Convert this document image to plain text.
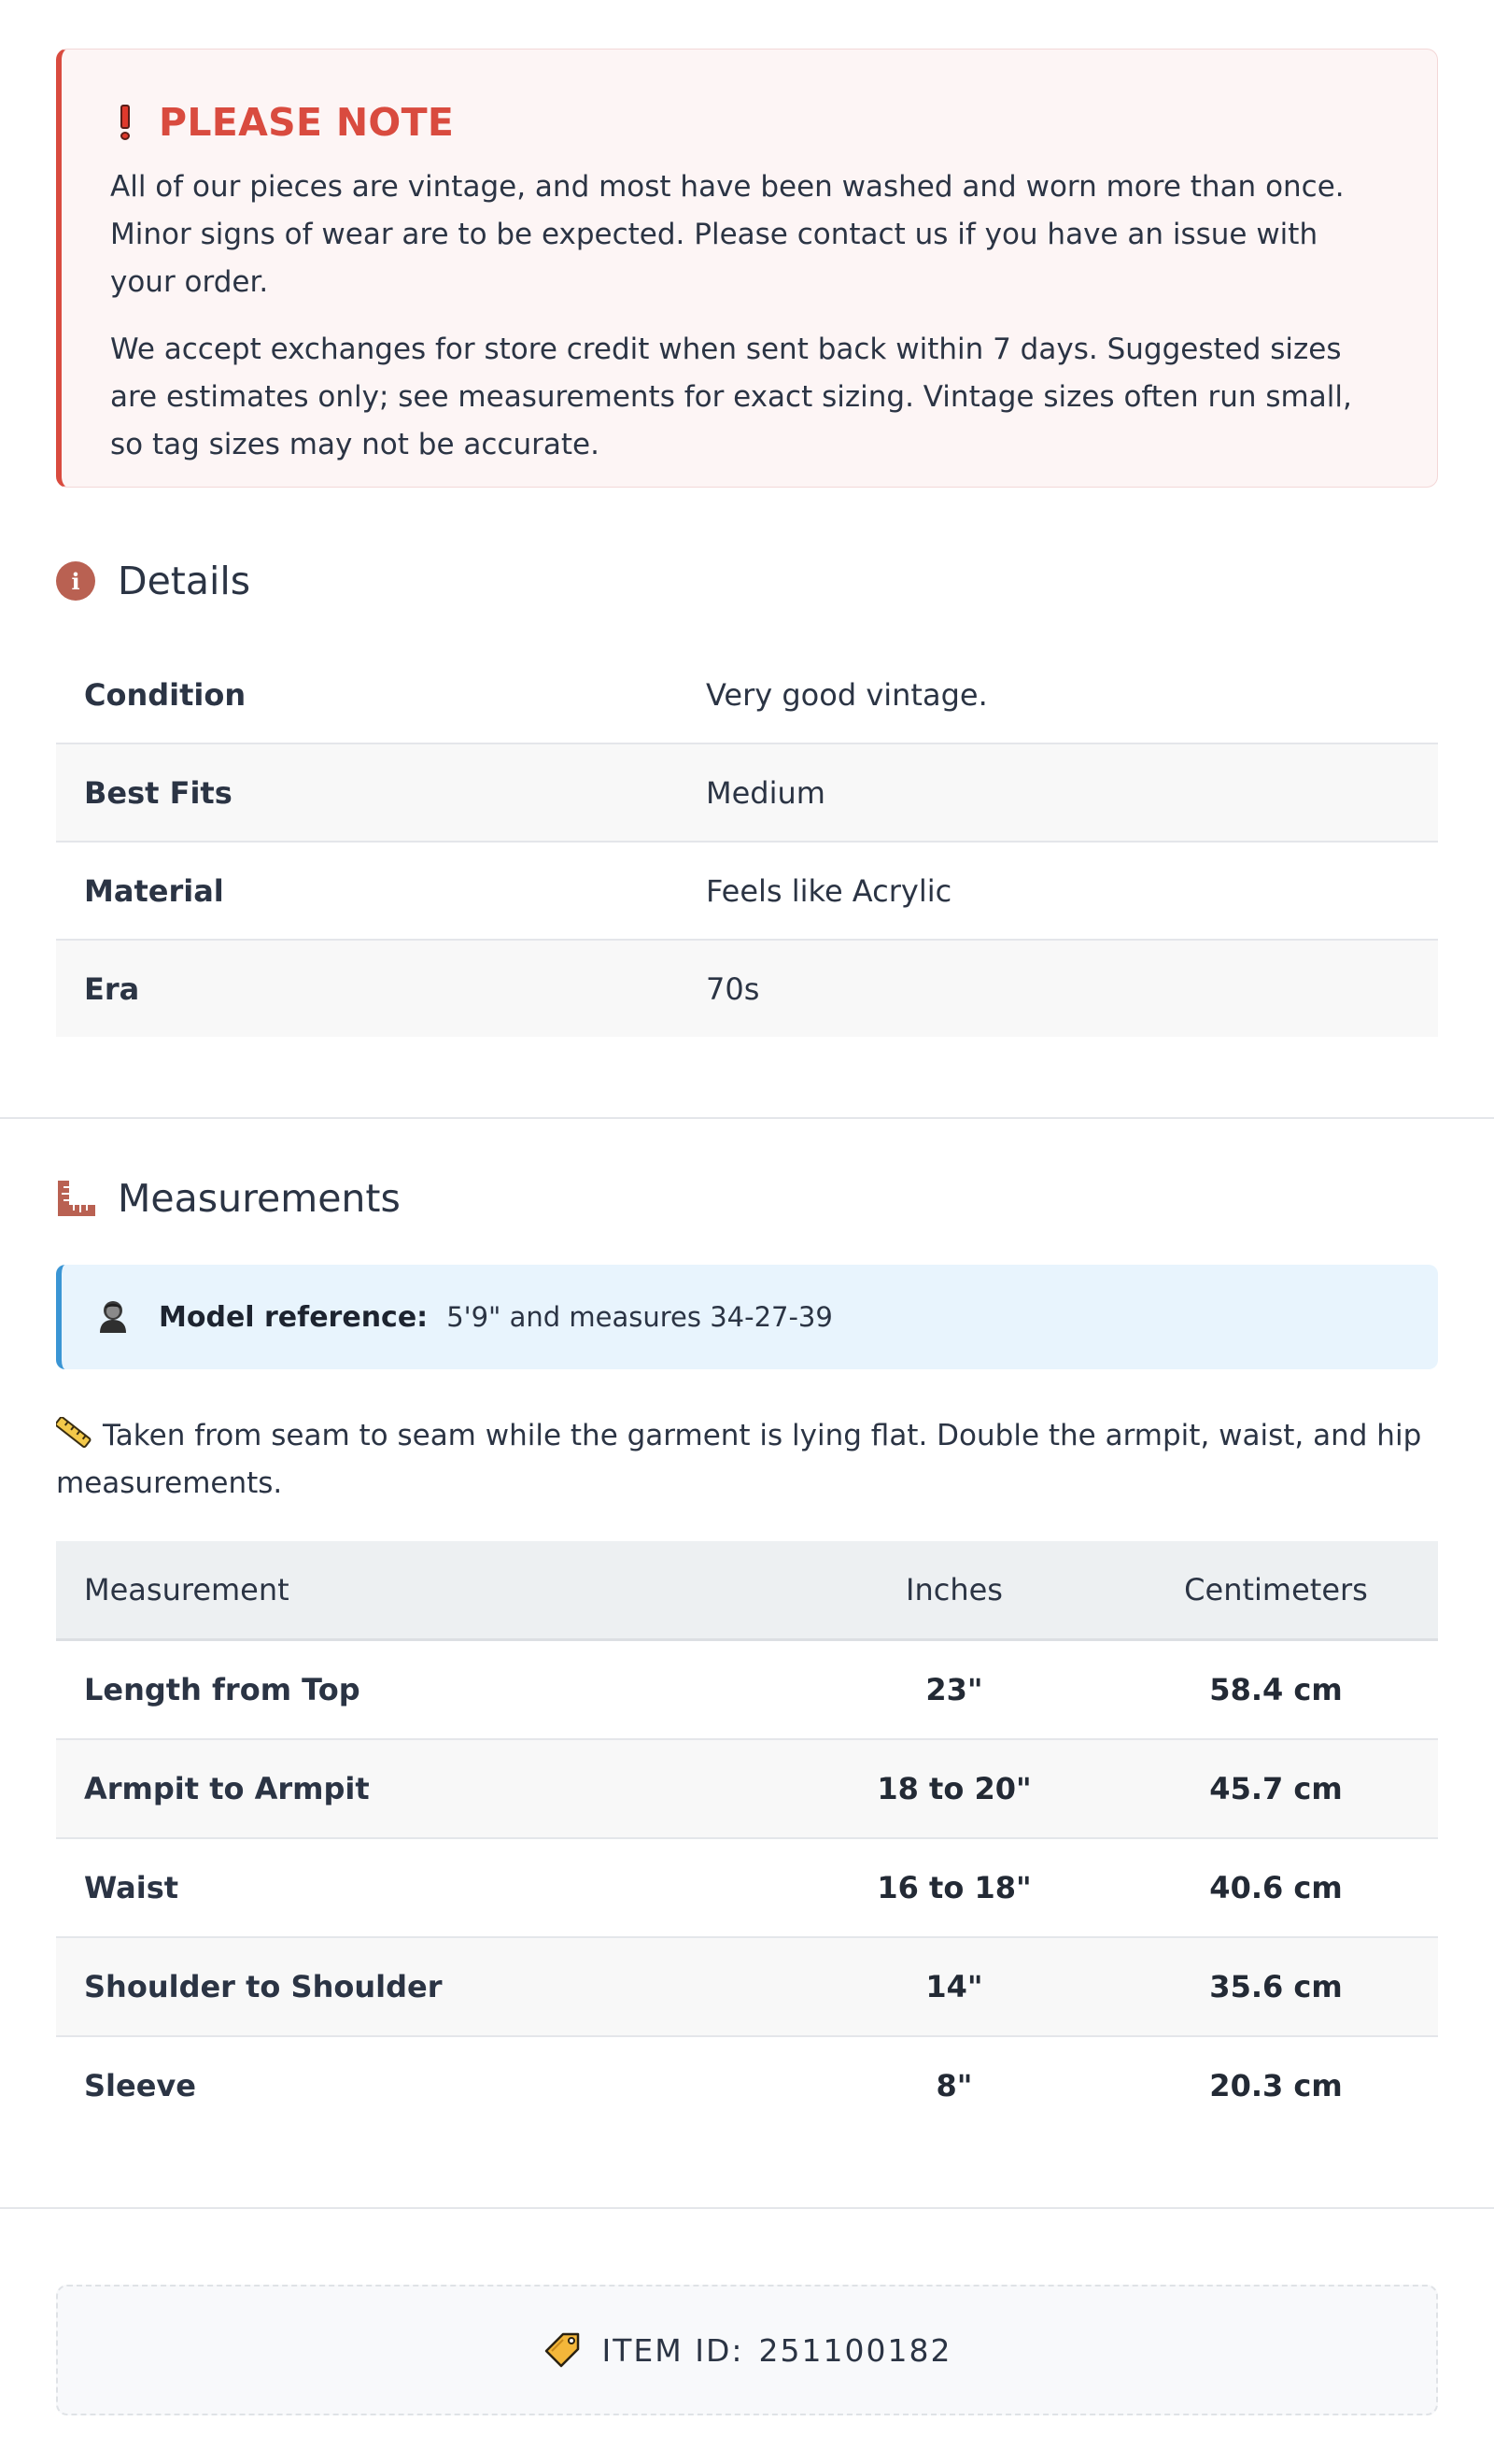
PLEASE NOTE

All of our pieces are vintage, and most have been washed and worn more than once. Minor signs of wear are to be expected. Please contact us if you have an issue with your order.

We accept exchanges for store credit when sent back within 7 days. Suggested sizes are estimates only; see measurements for exact sizing. Vintage sizes often run small, so tag sizes may not be accurate.

i Details
Condition	Very good vintage.
Best Fits	Medium
Material	Feels like Acrylic
Era	70s
Measurements
Model reference: 5'9" and measures 34-27-39
Taken from seam to seam while the garment is lying flat. Double the armpit, waist, and hip measurements.
Measurement	Inches	Centimeters
Length from Top	23"	58.4 cm
Armpit to Armpit	18 to 20"	45.7 cm
Waist	16 to 18"	40.6 cm
Shoulder to Shoulder	14"	35.6 cm
Sleeve	8"	20.3 cm
ITEM ID: 251100182
